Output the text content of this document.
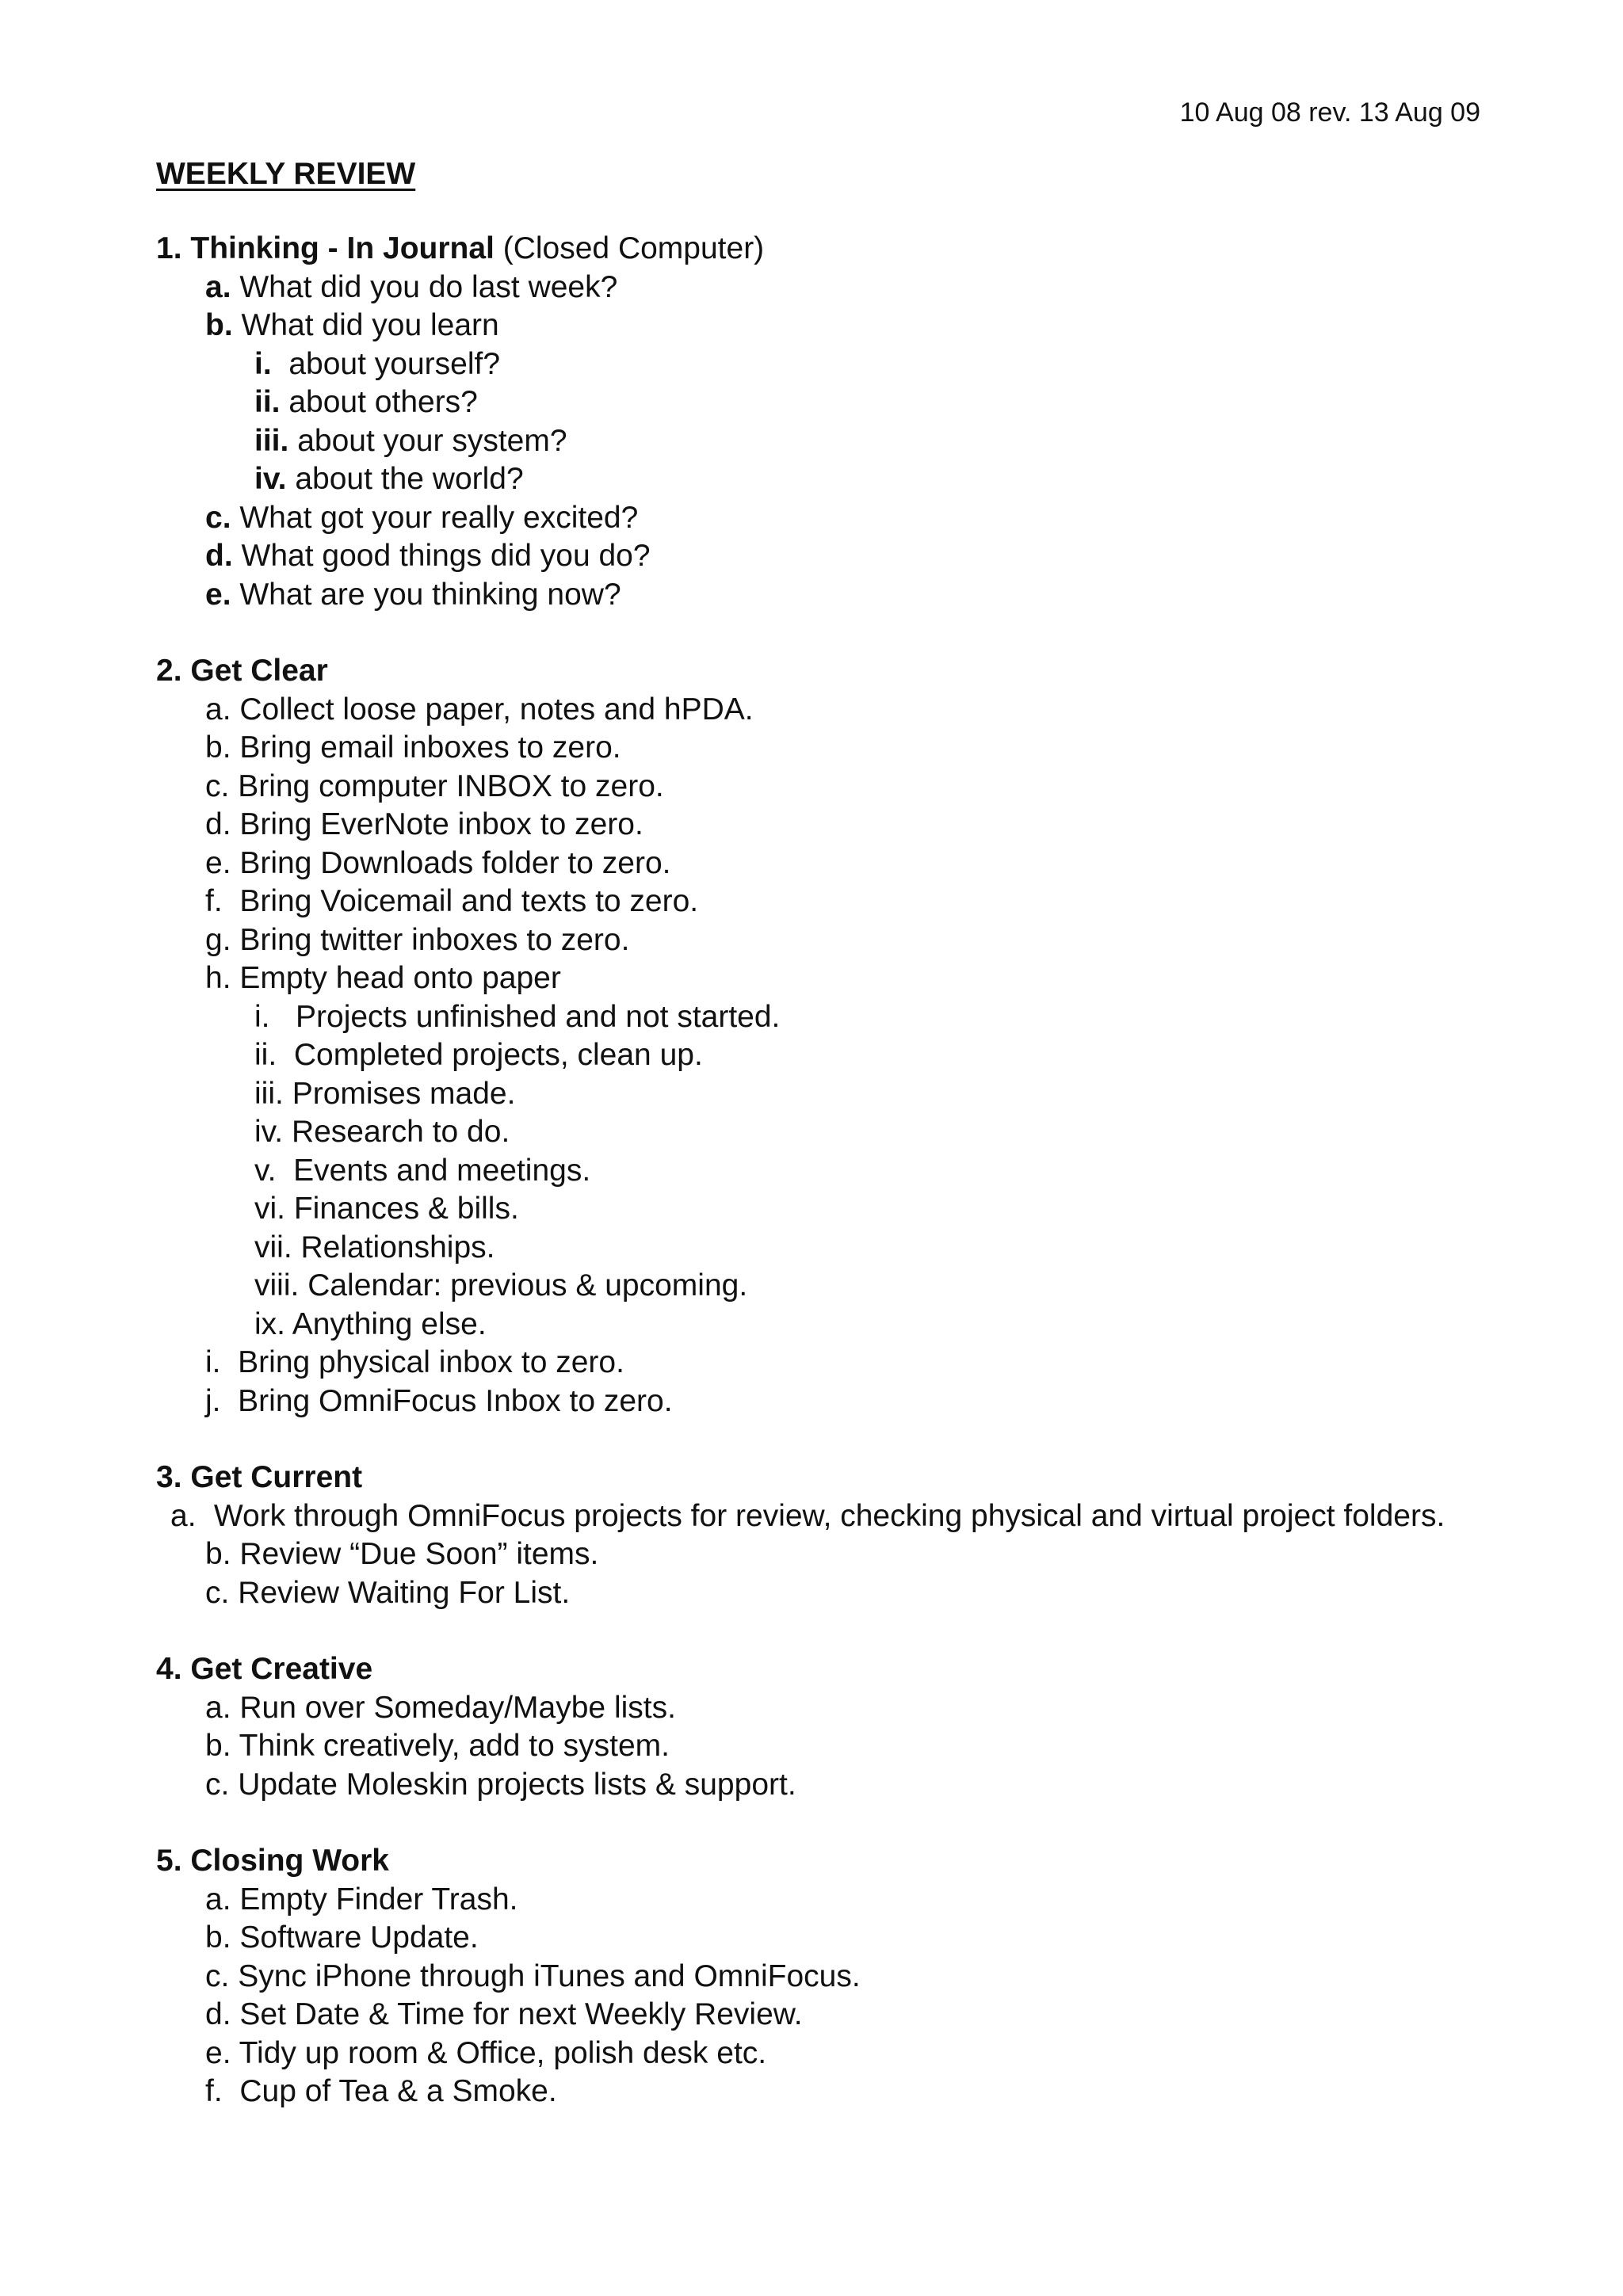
10 Aug 08 rev. 13 Aug 09
WEEKLY REVIEW
1. Thinking - In Journal (Closed Computer)
a. What did you do last week?
b. What did you learn
i. about yourself?
ii. about others?
iii. about your system?
iv. about the world?
c. What got your really excited?
d. What good things did you do?
e. What are you thinking now?
2. Get Clear
a. Collect loose paper, notes and hPDA.
b. Bring email inboxes to zero.
c. Bring computer INBOX to zero.
d. Bring EverNote inbox to zero.
e. Bring Downloads folder to zero.
f. Bring Voicemail and texts to zero.
g. Bring twitter inboxes to zero.
h. Empty head onto paper
i. Projects unfinished and not started.
ii. Completed projects, clean up.
iii. Promises made.
iv. Research to do.
v. Events and meetings.
vi. Finances & bills.
vii. Relationships.
viii. Calendar: previous & upcoming.
ix. Anything else.
i. Bring physical inbox to zero.
j. Bring OmniFocus Inbox to zero.
3. Get Current
a. Work through OmniFocus projects for review, checking physical and virtual project folders.
b. Review “Due Soon” items.
c. Review Waiting For List.
4. Get Creative
a. Run over Someday/Maybe lists.
b. Think creatively, add to system.
c. Update Moleskin projects lists & support.
5. Closing Work
a. Empty Finder Trash.
b. Software Update.
c. Sync iPhone through iTunes and OmniFocus.
d. Set Date & Time for next Weekly Review.
e. Tidy up room & Office, polish desk etc.
f. Cup of Tea & a Smoke.
